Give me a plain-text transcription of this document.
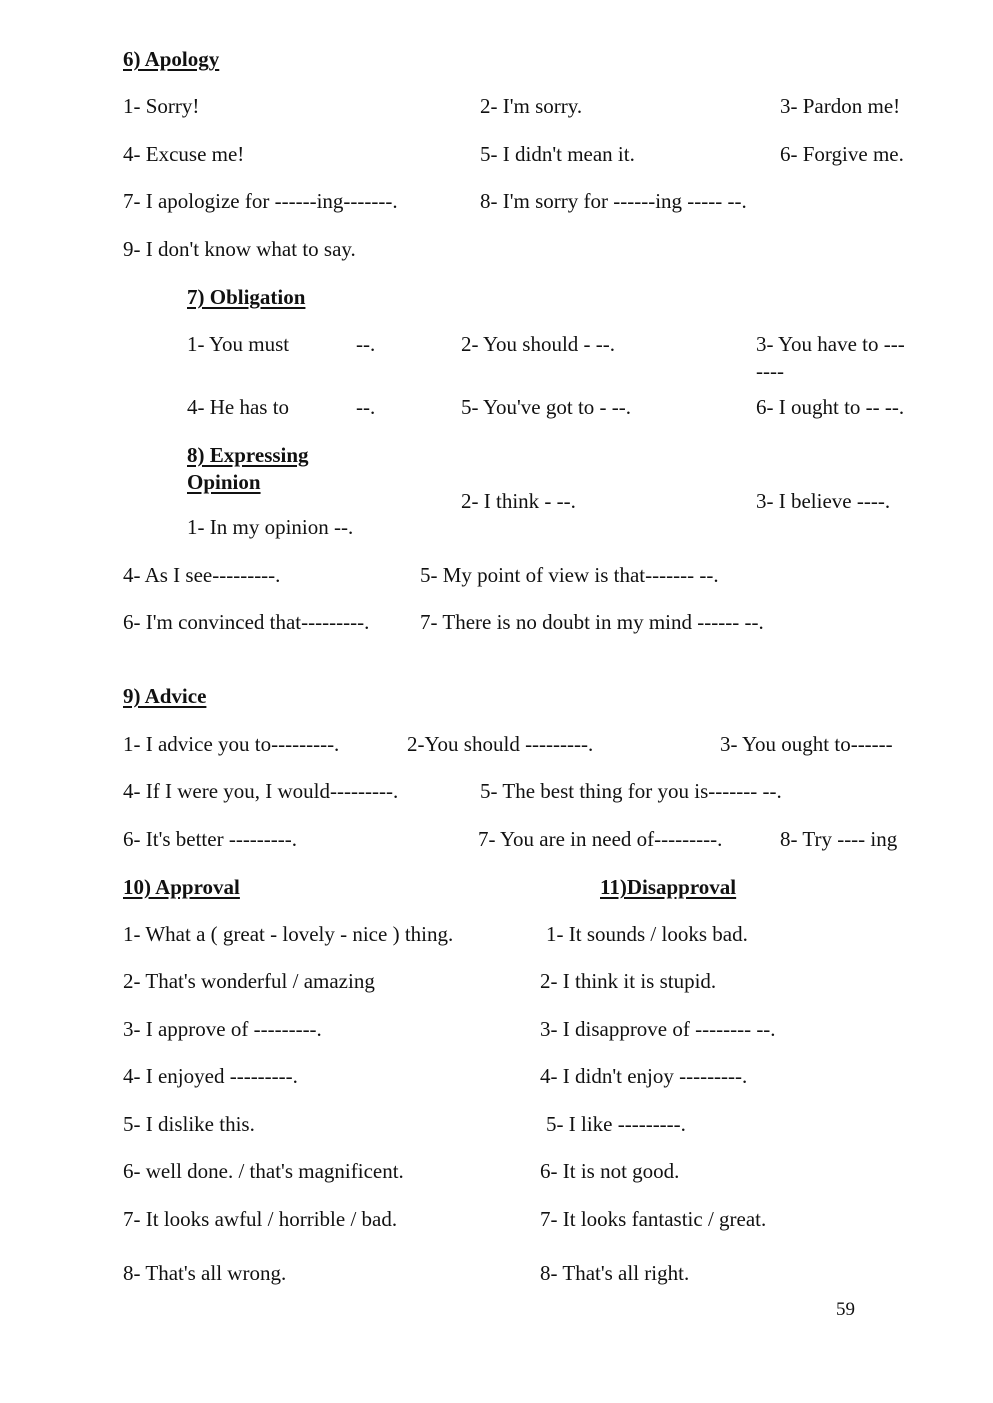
6) Apology
1- Sorry!	2- I'm sorry.	3- Pardon me!
4- Excuse me!	5- I didn't mean it.	6- Forgive me.
7- I apologize for ------ing-------.	8- I'm sorry for ------ing ----- --.
9- I don't know what to say.
7) Obligation
1- You must	--.	2- You should - --.	3- You have to ---
----
4- He has to	--.	5- You've got to - --.	6- I ought to -- --.
8) Expressing
Opinion
1- In my opinion --.
2- I think - --.	3- I believe ----.
4- As I see---------.	5- My point of view is that------- --.
6- I'm convinced that---------. 7- There is no doubt in my mind ------ --.
9) Advice
1- I advice you to---------.	2-You should ---------.	3- You ought to------
4- If I were you, I would---------.	5- The best thing for you is------- --.
6- It's better ---------.	7- You are in need of---------.	8- Try ---- ing
10) Approval	11)Disapproval
1- What a ( great - lovely - nice ) thing.	1- It sounds / looks bad.
2- That's wonderful / amazing	2- I think it is stupid.
3- I approve of ---------.	3- I disapprove of -------- --.
4- I enjoyed ---------.	4- I didn't enjoy ---------.
5- I dislike this.	5- I like ---------.
6- well done. / that's magnificent.	6- It is not good.
7- It looks awful / horrible / bad.	7- It looks fantastic / great.
8- That's all wrong.	8- That's all right.
59
